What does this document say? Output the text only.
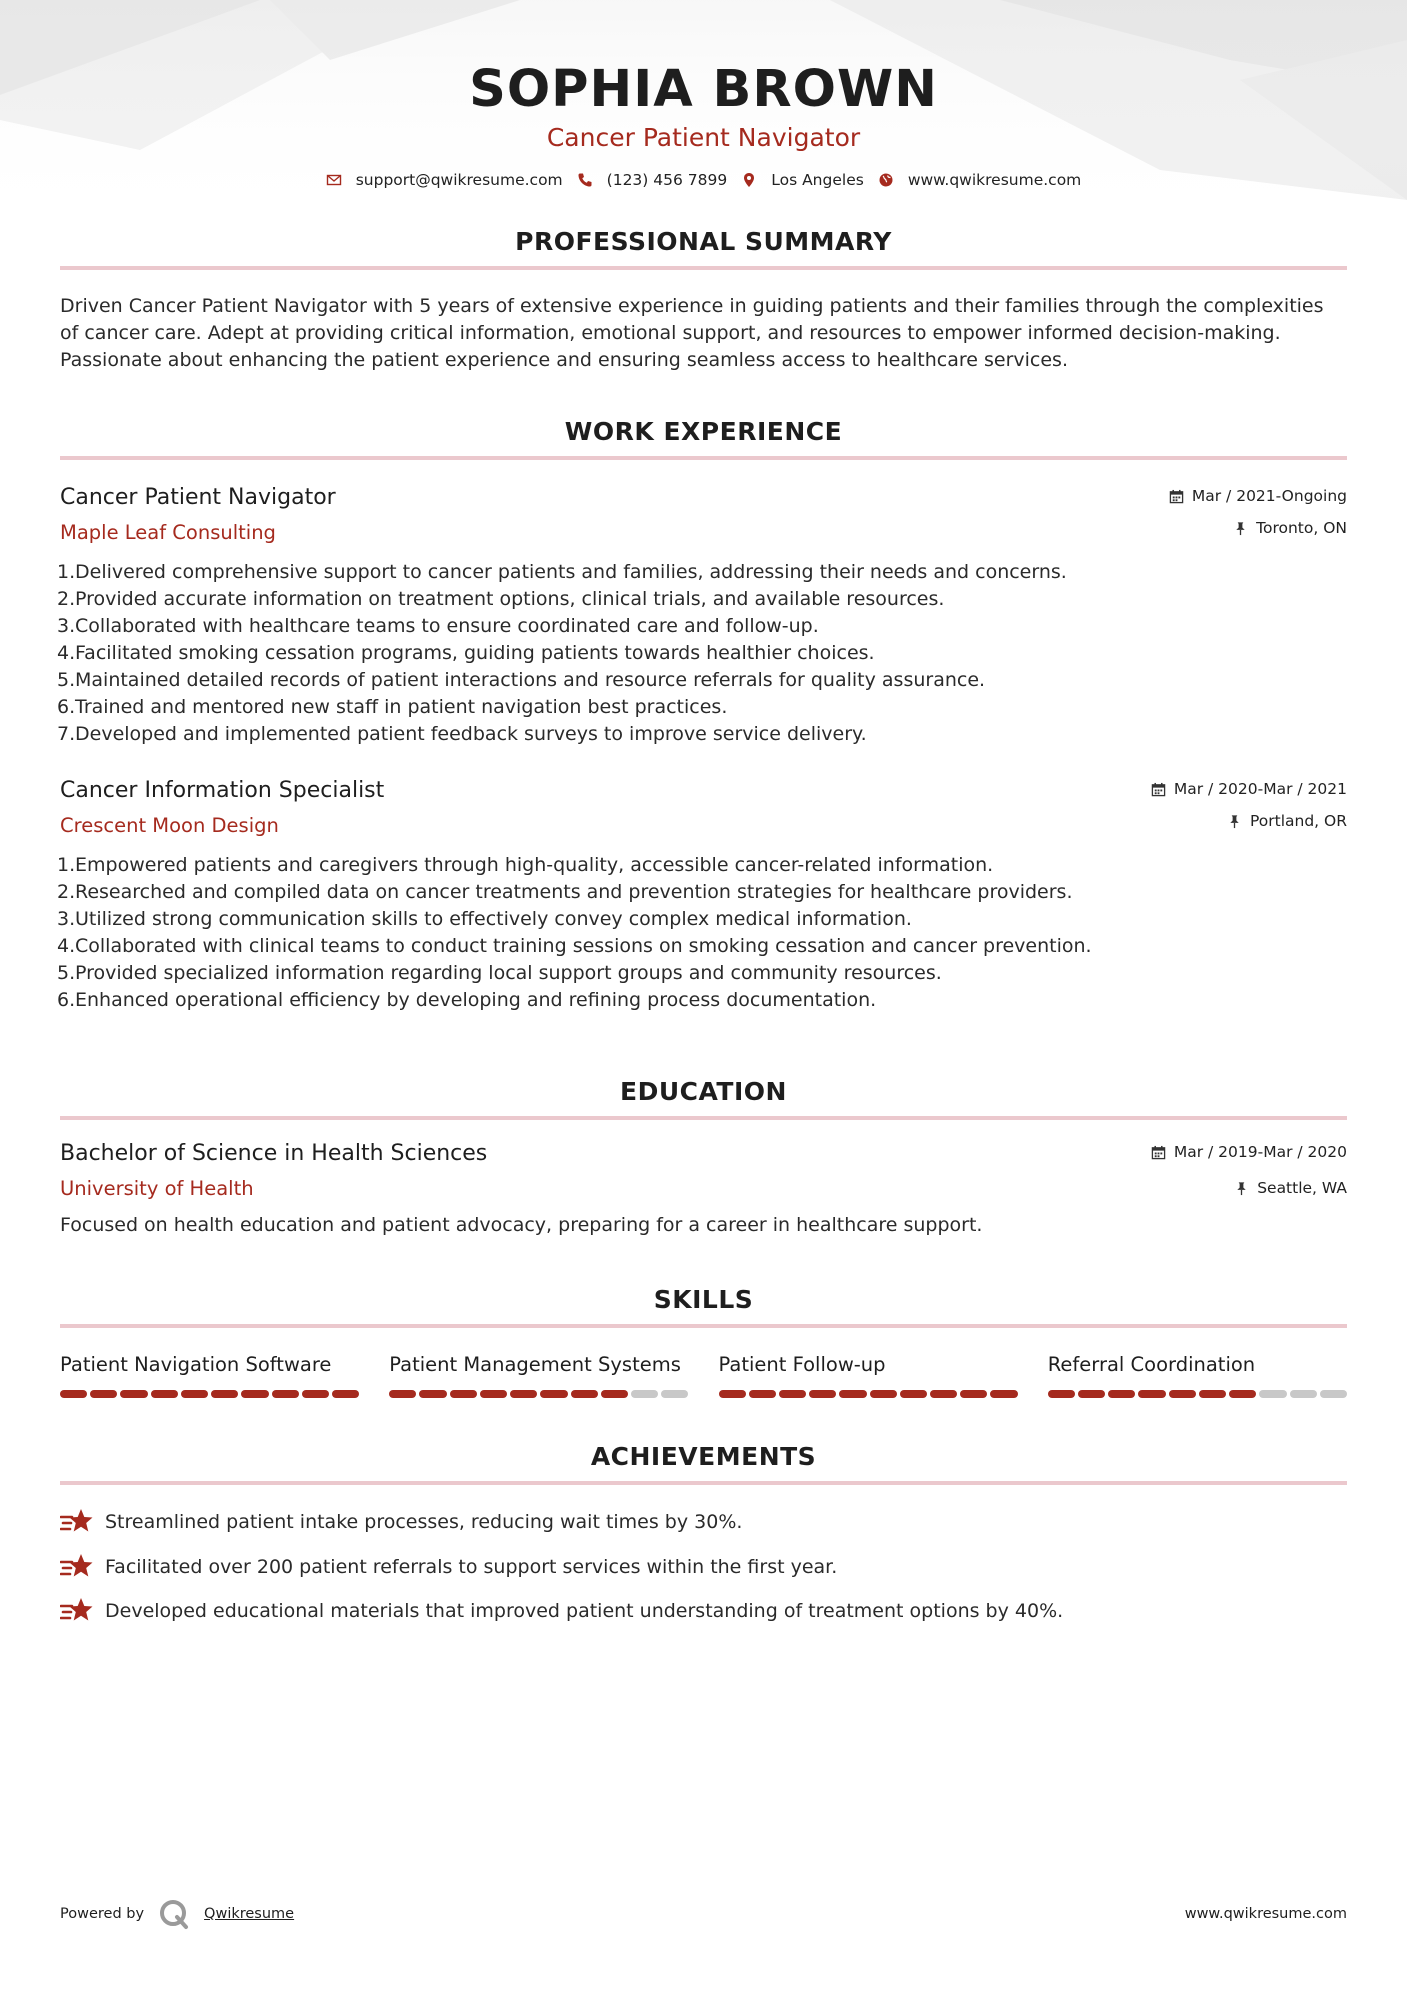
SOPHIA BROWN
Cancer Patient Navigator
support@qwikresume.com	(123) 456 7899	Los Angeles	www.qwikresume.com
PROFESSIONAL SUMMARY
Driven Cancer Patient Navigator with 5 years of extensive experience in guiding patients and their families through the complexities of cancer care. Adept at providing critical information, emotional support, and resources to empower informed decision-making. Passionate about enhancing the patient experience and ensuring seamless access to healthcare services.
WORK EXPERIENCE
Cancer Patient Navigator
Maple Leaf Consulting
Mar / 2021-Ongoing
Toronto, ON
1. Delivered comprehensive support to cancer patients and families, addressing their needs and concerns.
2. Provided accurate information on treatment options, clinical trials, and available resources.
3. Collaborated with healthcare teams to ensure coordinated care and follow-up.
4. Facilitated smoking cessation programs, guiding patients towards healthier choices.
5. Maintained detailed records of patient interactions and resource referrals for quality assurance.
6. Trained and mentored new staff in patient navigation best practices.
7. Developed and implemented patient feedback surveys to improve service delivery.
Cancer Information Specialist
Crescent Moon Design
Mar / 2020-Mar / 2021
Portland, OR
1. Empowered patients and caregivers through high-quality, accessible cancer-related information.
2. Researched and compiled data on cancer treatments and prevention strategies for healthcare providers.
3. Utilized strong communication skills to effectively convey complex medical information.
4. Collaborated with clinical teams to conduct training sessions on smoking cessation and cancer prevention.
5. Provided specialized information regarding local support groups and community resources.
6. Enhanced operational efficiency by developing and refining process documentation.
EDUCATION
Bachelor of Science in Health Sciences
University of Health
Mar / 2019-Mar / 2020
Seattle, WA
Focused on health education and patient advocacy, preparing for a career in healthcare support.
SKILLS
Patient Navigation Software	Patient Management Systems	Patient Follow-up	Referral Coordination
ACHIEVEMENTS
Streamlined patient intake processes, reducing wait times by 30%.
Facilitated over 200 patient referrals to support services within the first year.
Developed educational materials that improved patient understanding of treatment options by 40%.
Powered by	Qwikresume	www.qwikresume.com
